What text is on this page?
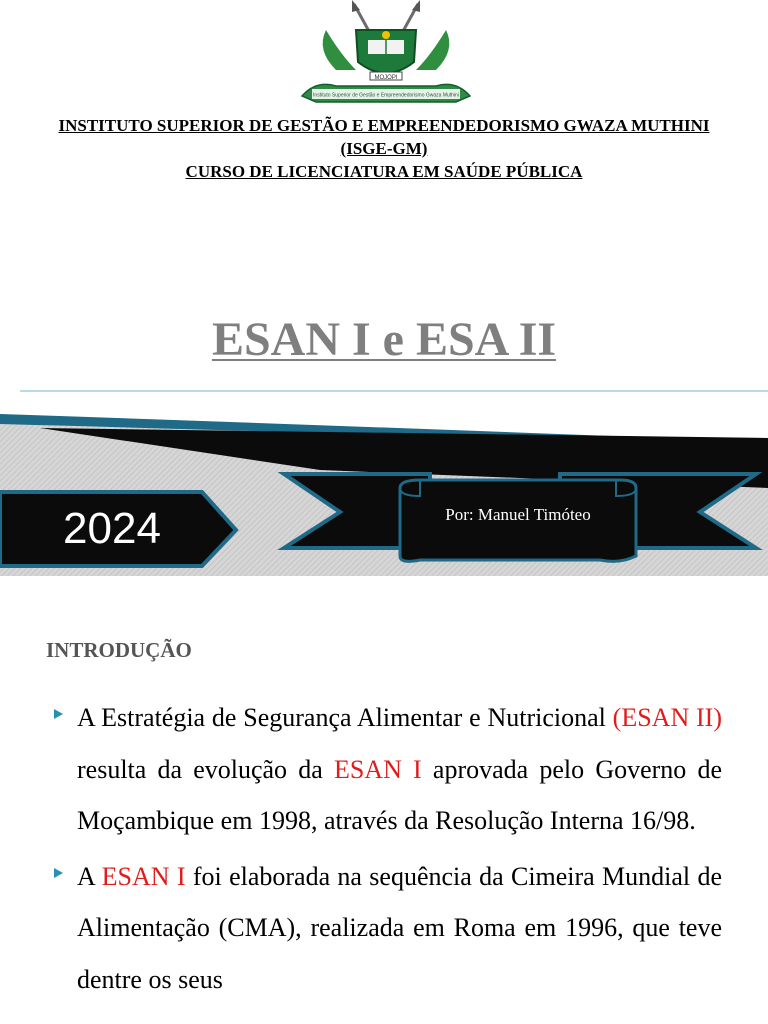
MOJOPI
Instituto Superior de Gestão e Empreendedorismo Gwaza Muthini
INSTITUTO SUPERIOR DE GESTÃO E EMPREENDEDORISMO GWAZA MUTHINI
(ISGE-GM)
CURSO DE LICENCIATURA EM SAÚDE PÚBLICA
ESAN I e ESA II
2024	Por: Manuel Timóteo
INTRODUÇÃO
A Estratégia de Segurança Alimentar e Nutricional (ESAN II) resulta da evolução da ESAN I aprovada pelo Governo de Moçambique em 1998, através da Resolução Interna 16/98.
A ESAN I foi elaborada na sequência da Cimeira Mundial de Alimentação (CMA), realizada em Roma em 1996, que teve dentre os seus
